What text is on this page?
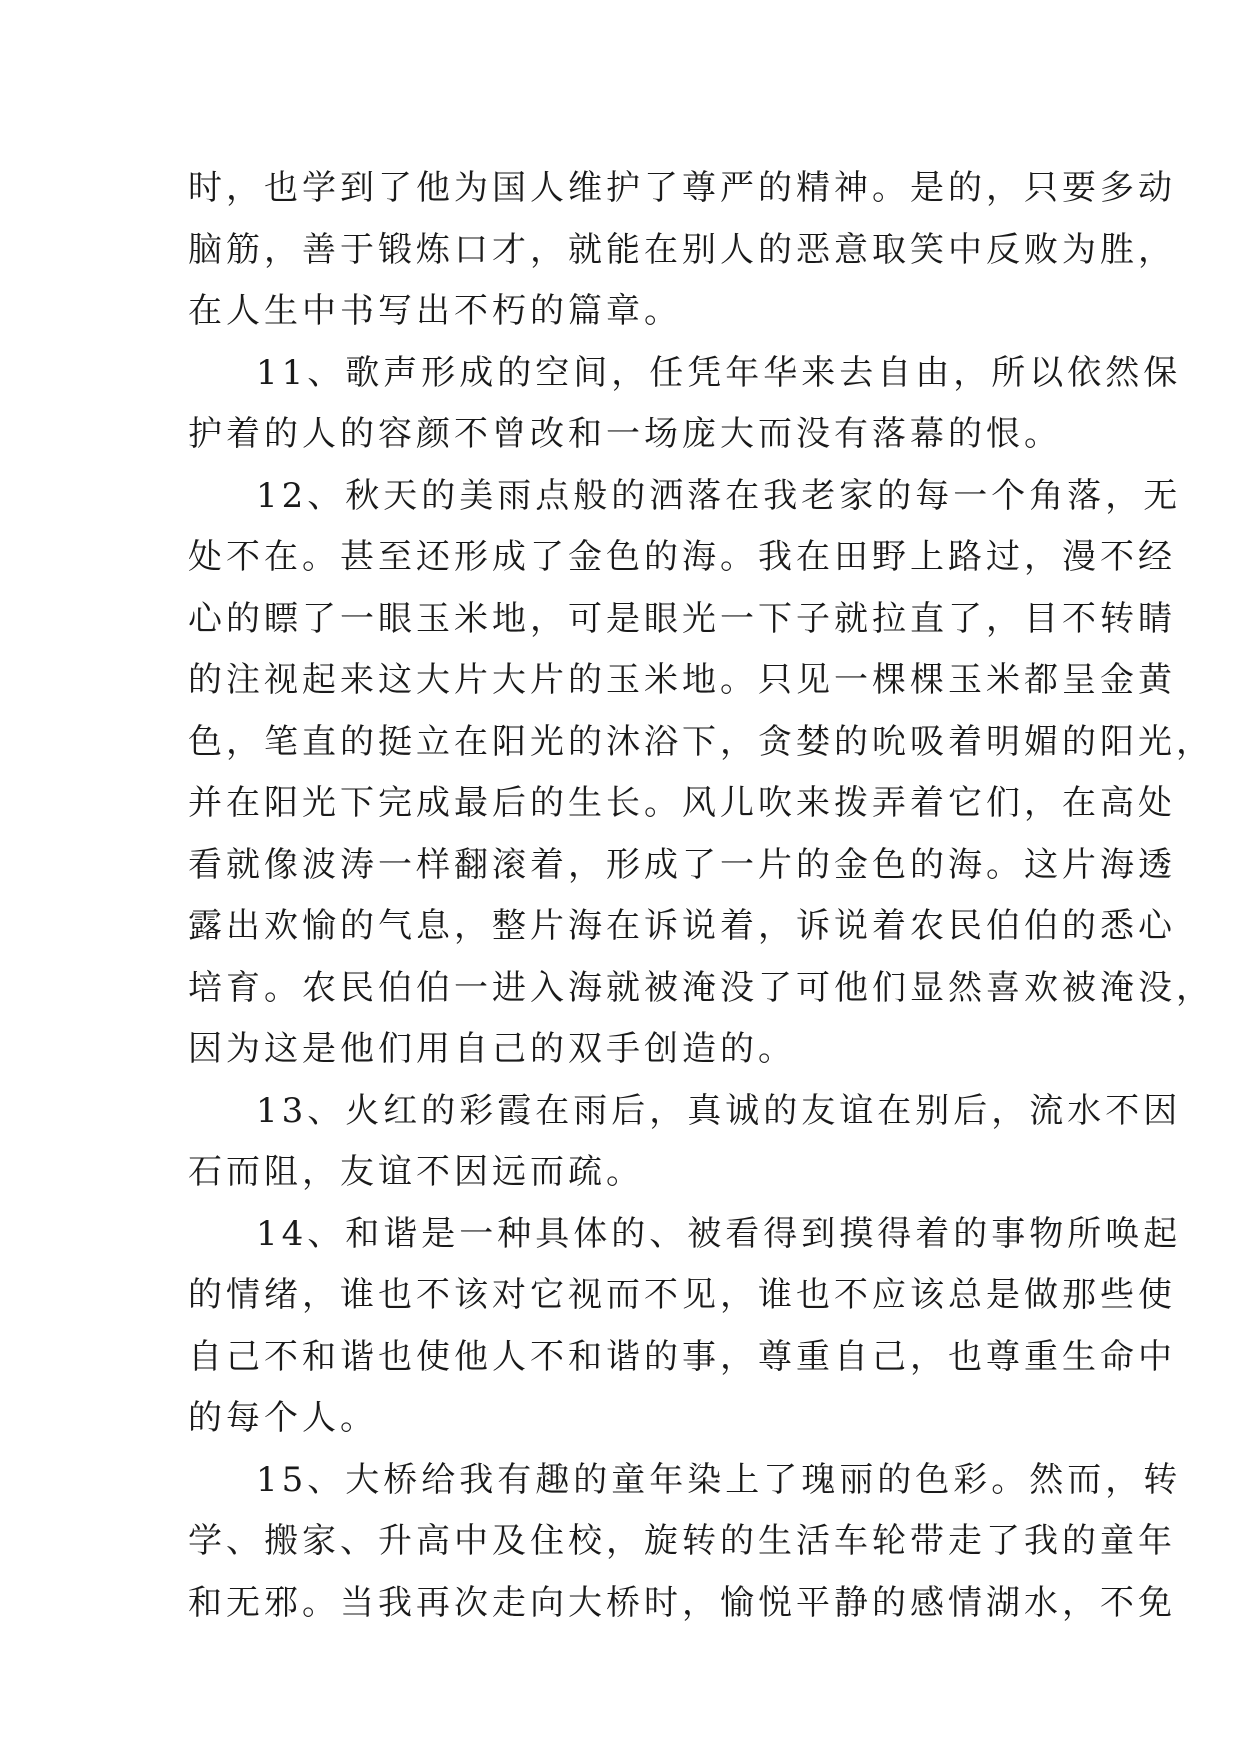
时，也学到了他为国人维护了尊严的精神。是的，只要多动
脑筋，善于锻炼口才，就能在别人的恶意取笑中反败为胜，
在人生中书写出不朽的篇章。
11、歌声形成的空间，任凭年华来去自由，所以依然保
护着的人的容颜不曾改和一场庞大而没有落幕的恨。
12、秋天的美雨点般的洒落在我老家的每一个角落，无
处不在。甚至还形成了金色的海。我在田野上路过，漫不经
心的瞟了一眼玉米地，可是眼光一下子就拉直了，目不转睛
的注视起来这大片大片的玉米地。只见一棵棵玉米都呈金黄
色，笔直的挺立在阳光的沐浴下，贪婪的吮吸着明媚的阳光，
并在阳光下完成最后的生长。风儿吹来拨弄着它们，在高处
看就像波涛一样翻滚着，形成了一片的金色的海。这片海透
露出欢愉的气息，整片海在诉说着，诉说着农民伯伯的悉心
培育。农民伯伯一进入海就被淹没了可他们显然喜欢被淹没，
因为这是他们用自己的双手创造的。
13、火红的彩霞在雨后，真诚的友谊在别后，流水不因
石而阻，友谊不因远而疏。
14、和谐是一种具体的、被看得到摸得着的事物所唤起
的情绪，谁也不该对它视而不见，谁也不应该总是做那些使
自己不和谐也使他人不和谐的事，尊重自己，也尊重生命中
的每个人。
15、大桥给我有趣的童年染上了瑰丽的色彩。然而，转
学、搬家、升高中及住校，旋转的生活车轮带走了我的童年
和无邪。当我再次走向大桥时，愉悦平静的感情湖水，不免
